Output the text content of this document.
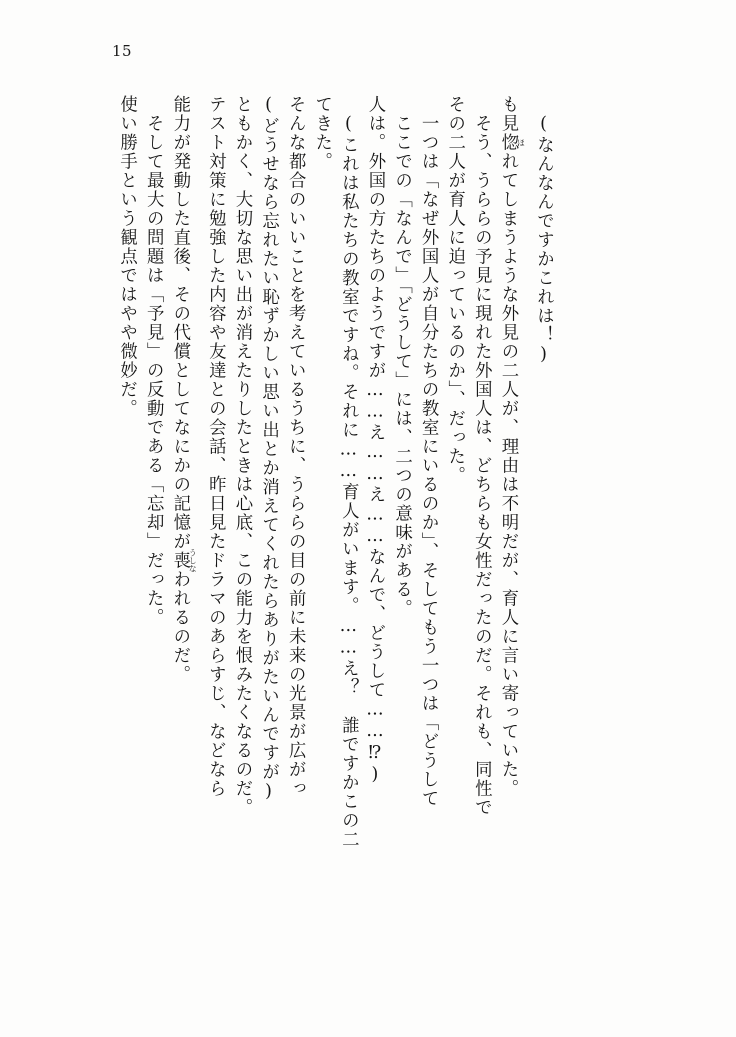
15
使い勝手という観点ではやや微妙だ。 そして最大の問題は「予見」の反動である「忘却」だった。 能力が発動した直後、その代償としてなにかの記憶が喪うしなわれるのだ。 テスト対策に勉強した内容や友達との会話、昨日見たドラマのあらすじ、などなら ともかく、大切な思い出が消えたりしたときは心底、この能力を恨みたくなるのだ。 (どうせなら忘れたい恥ずかしい思い出とか消えてくれたらありがたいんですが) そんな都合のいいことを考えているうちに、うららの目の前に未来の光景が広がっ てきた。 (これは私たちの教室ですね。それに……育人がいます。……え？　誰ですかこの二 人は。外国の方たちのようですが……え……え……なんで、どうして……⁉) ここでの「なんで」「どうして」には、二つの意味がある。 一つは「なぜ外国人が自分たちの教室にいるのか」、そしてもう一つは「どうして その二人が育人に迫っているのか」、だった。 そう、うららの予見に現れた外国人は、どちらも女性だったのだ。それも、同性で も見惚ほれてしまうような外見の二人が、理由は不明だが、育人に言い寄っていた。 (なんなんですかこれは！)
